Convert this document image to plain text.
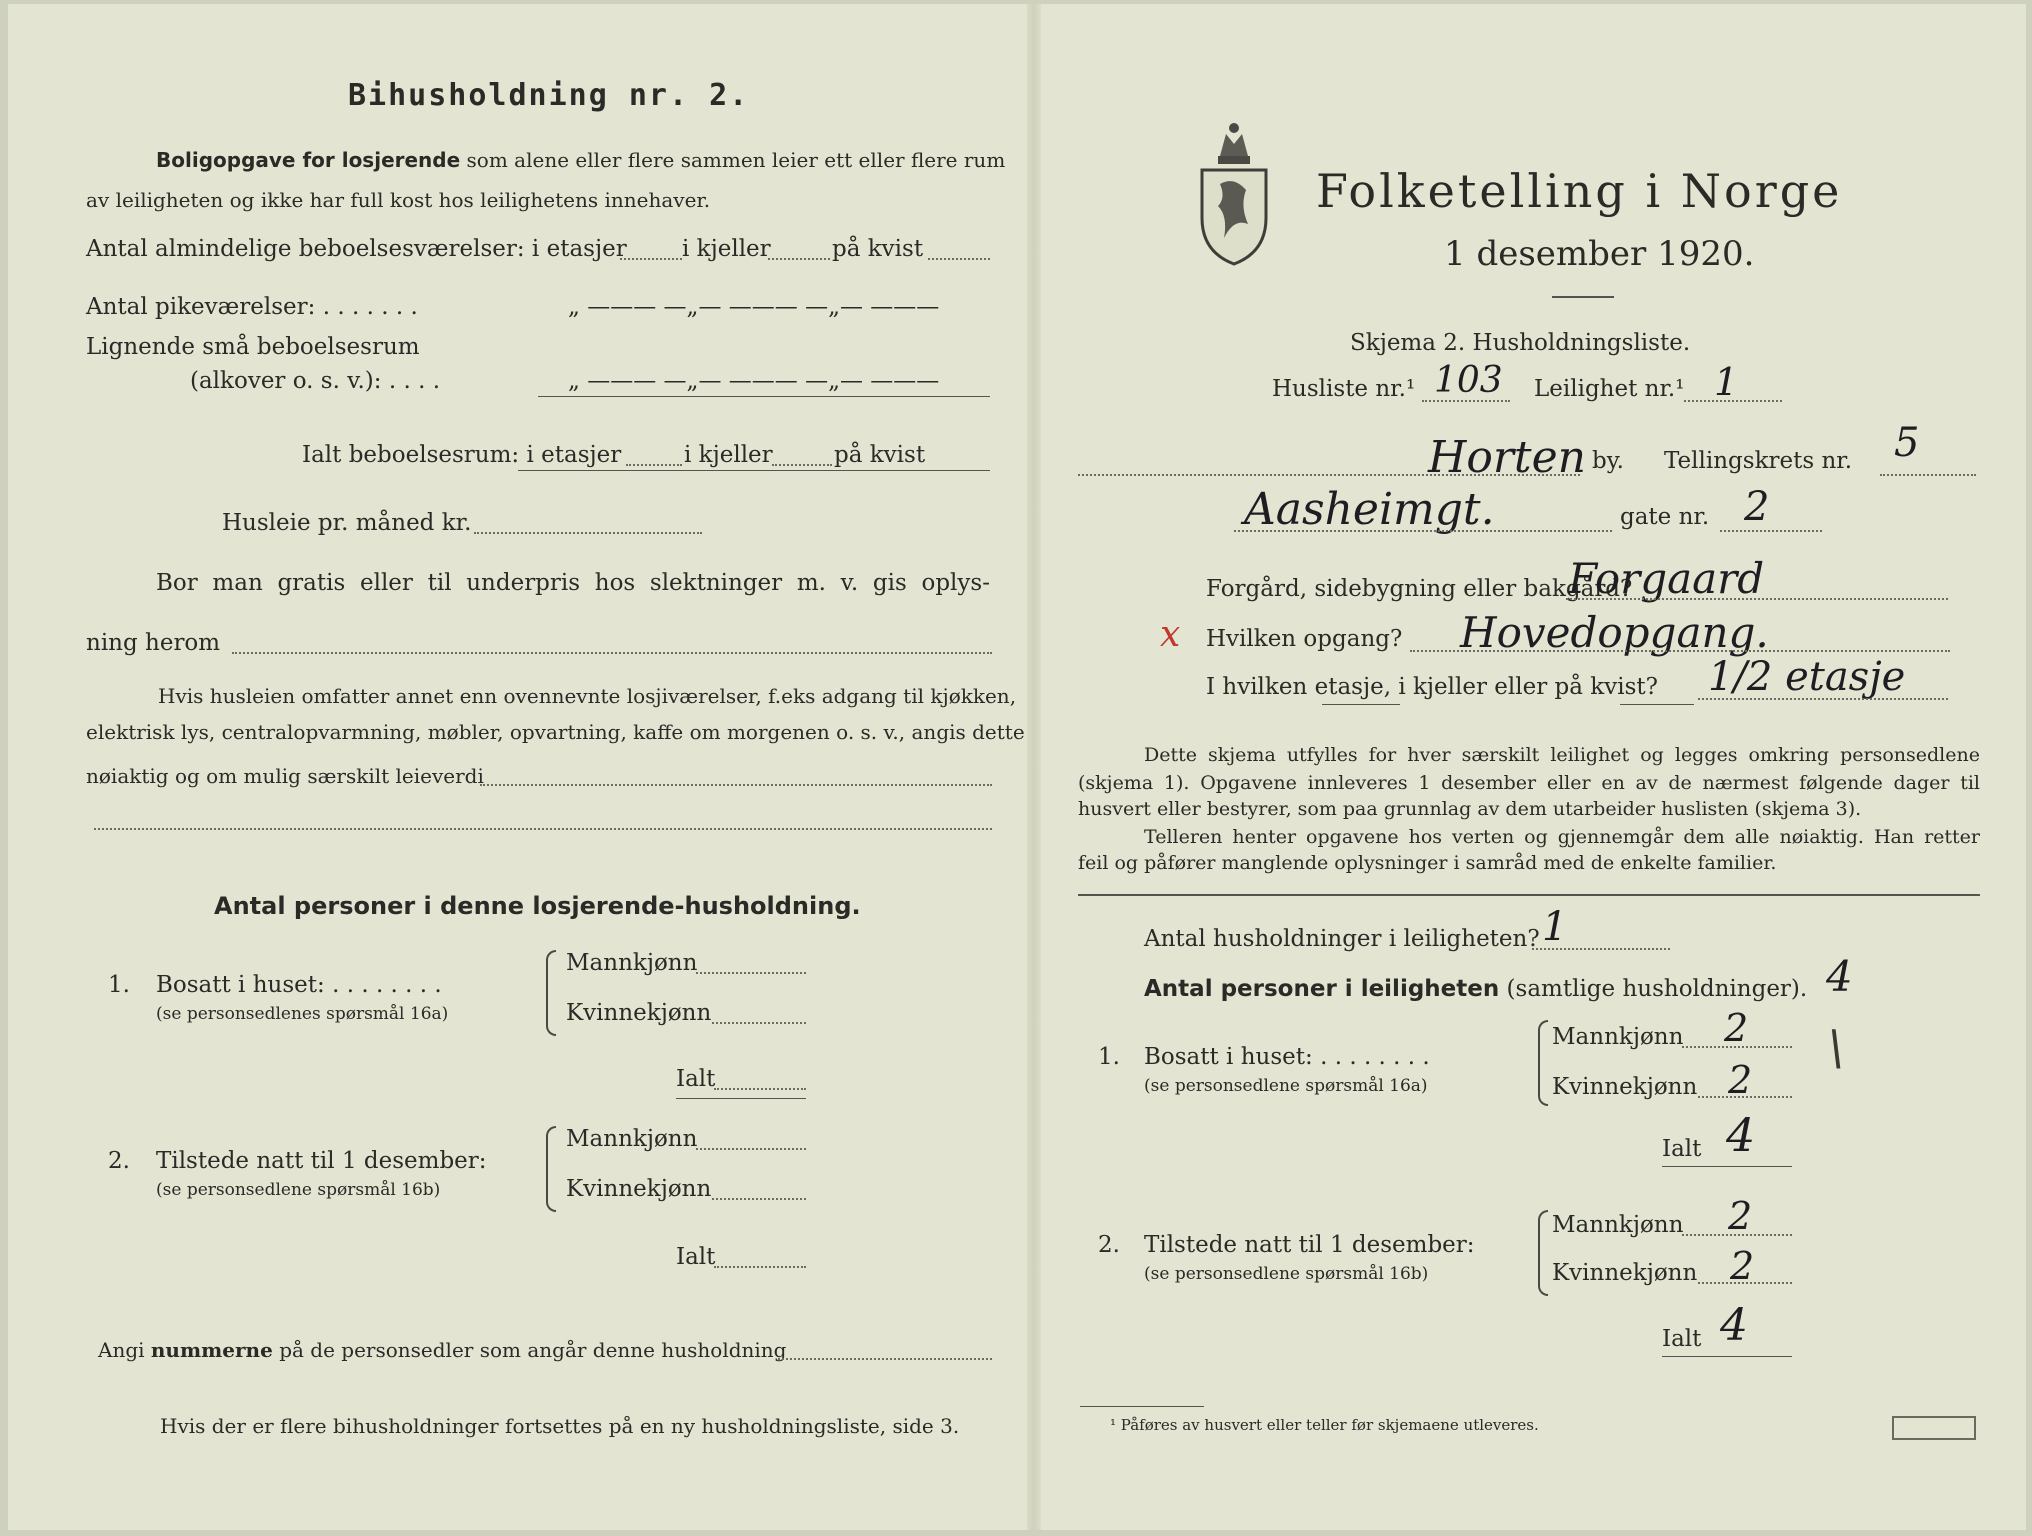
Bihusholdning nr. 2.
Boligopgave for losjerende som alene eller flere sammen leier ett eller flere rum
av leiligheten og ikke har full kost hos leilighetens innehaver.
Antal almindelige beboelsesværelser: i etasjer i kjeller	på kvist
Antal pikeværelser: . . . . . . .	„ ——— —„— ——— —„— ———
Lignende små beboelsesrum
(alkover o. s. v.): . . . .	„ ——— —„— ——— —„— ———
Ialt beboelsesrum: i etasjer	i kjeller	på kvist
Husleie pr. måned kr.
Bor man gratis eller til underpris hos slektninger m. v. gis oplys-
ning herom
Hvis husleien omfatter annet enn ovennevnte losjiværelser, f.eks adgang til kjøkken,
elektrisk lys, centralopvarmning, møbler, opvartning, kaffe om morgenen o. s. v., angis dette
nøiaktig og om mulig særskilt leieverdi
Antal personer i denne losjerende-husholdning.
1. Bosatt i huset: . . . . . . . .
(se personsedlenes spørsmål 16a)
Mannkjønn
Kvinnekjønn
Ialt
2. Tilstede natt til 1 desember:
(se personsedlene spørsmål 16b)
Mannkjønn
Kvinnekjønn
Ialt
Angi nummerne på de personsedler som angår denne husholdning
Hvis der er flere bihusholdninger fortsettes på en ny husholdningsliste, side 3.
Folketelling i Norge
1 desember 1920.
Skjema 2. Husholdningsliste.
Husliste nr.¹ 103 Leilighet nr.¹ 1
Horten by. Tellingskrets nr. 5
Aasheimgt.	gate nr. 2
Forgård, sidebygning eller bakgård?
Forgaard
x Hvilken opgang? Hovedopgang.
I hvilken etasje, i kjeller eller på kvist? 1/2 etasje
Dette skjema utfylles for hver særskilt leilighet og legges omkring personsedlene
(skjema 1). Opgavene innleveres 1 desember eller en av de nærmest følgende dager til
husvert eller bestyrer, som paa grunnlag av dem utarbeider huslisten (skjema 3).
Telleren henter opgavene hos verten og gjennemgår dem alle nøiaktig. Han retter
feil og påfører manglende oplysninger i samråd med de enkelte familier.
Antal husholdninger i leiligheten? 1
Antal personer i leiligheten (samtlige husholdninger). 4
1. Bosatt i huset: . . . . . . . .
(se personsedlene spørsmål 16a)
Mannkjønn 2
Kvinnekjønn 2
\
Ialt 4
2. Tilstede natt til 1 desember:
(se personsedlene spørsmål 16b)
Mannkjønn 2
Kvinnekjønn 2
Ialt 4
¹ Påføres av husvert eller teller før skjemaene utleveres.
